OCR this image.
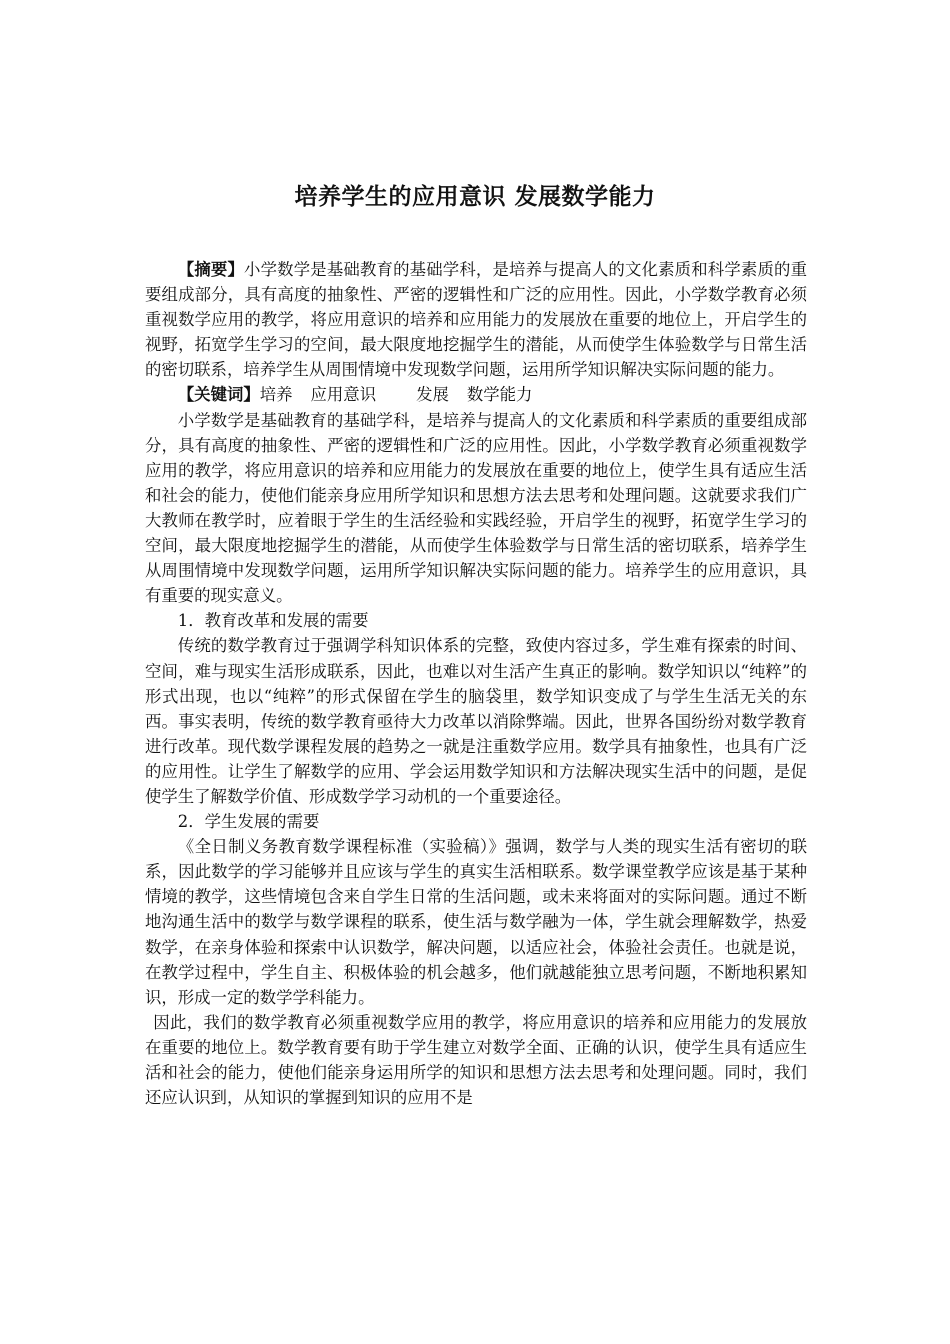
培养学生的应用意识 发展数学能力

【摘要】小学数学是基础教育的基础学科，是培养与提高人的文化素质和科学素质的重要组成部分，具有高度的抽象性、严密的逻辑性和广泛的应用性。因此，小学数学教育必须重视数学应用的教学，将应用意识的培养和应用能力的发展放在重要的地位上，开启学生的视野，拓宽学生学习的空间，最大限度地挖掘学生的潜能，从而使学生体验数学与日常生活的密切联系，培养学生从周围情境中发现数学问题，运用所学知识解决实际问题的能力。

【关键词】培养 应用意识 发展 数学能力

小学数学是基础教育的基础学科，是培养与提高人的文化素质和科学素质的重要组成部分，具有高度的抽象性、严密的逻辑性和广泛的应用性。因此，小学数学教育必须重视数学应用的教学，将应用意识的培养和应用能力的发展放在重要的地位上，使学生具有适应生活和社会的能力，使他们能亲身应用所学知识和思想方法去思考和处理问题。这就要求我们广大教师在教学时，应着眼于学生的生活经验和实践经验，开启学生的视野，拓宽学生学习的空间，最大限度地挖掘学生的潜能，从而使学生体验数学与日常生活的密切联系，培养学生从周围情境中发现数学问题，运用所学知识解决实际问题的能力。培养学生的应用意识，具有重要的现实意义。

1．教育改革和发展的需要

传统的数学教育过于强调学科知识体系的完整，致使内容过多，学生难有探索的时间、空间，难与现实生活形成联系，因此，也难以对生活产生真正的影响。数学知识以“纯粹”的形式出现，也以“纯粹”的形式保留在学生的脑袋里，数学知识变成了与学生生活无关的东西。事实表明，传统的数学教育亟待大力改革以消除弊端。因此，世界各国纷纷对数学教育进行改革。现代数学课程发展的趋势之一就是注重数学应用。数学具有抽象性，也具有广泛的应用性。让学生了解数学的应用、学会运用数学知识和方法解决现实生活中的问题，是促使学生了解数学价值、形成数学学习动机的一个重要途径。

2．学生发展的需要

《全日制义务教育数学课程标准（实验稿）》强调，数学与人类的现实生活有密切的联系，因此数学的学习能够并且应该与学生的真实生活相联系。数学课堂教学应该是基于某种情境的教学，这些情境包含来自学生日常的生活问题，或未来将面对的实际问题。通过不断地沟通生活中的数学与数学课程的联系，使生活与数学融为一体，学生就会理解数学，热爱数学，在亲身体验和探索中认识数学，解决问题，以适应社会，体验社会责任。也就是说，在教学过程中，学生自主、积极体验的机会越多，他们就越能独立思考问题，不断地积累知识，形成一定的数学学科能力。

因此，我们的数学教育必须重视数学应用的教学，将应用意识的培养和应用能力的发展放在重要的地位上。数学教育要有助于学生建立对数学全面、正确的认识，使学生具有适应生活和社会的能力，使他们能亲身运用所学的知识和思想方法去思考和处理问题。同时，我们还应认识到，从知识的掌握到知识的应用不是
